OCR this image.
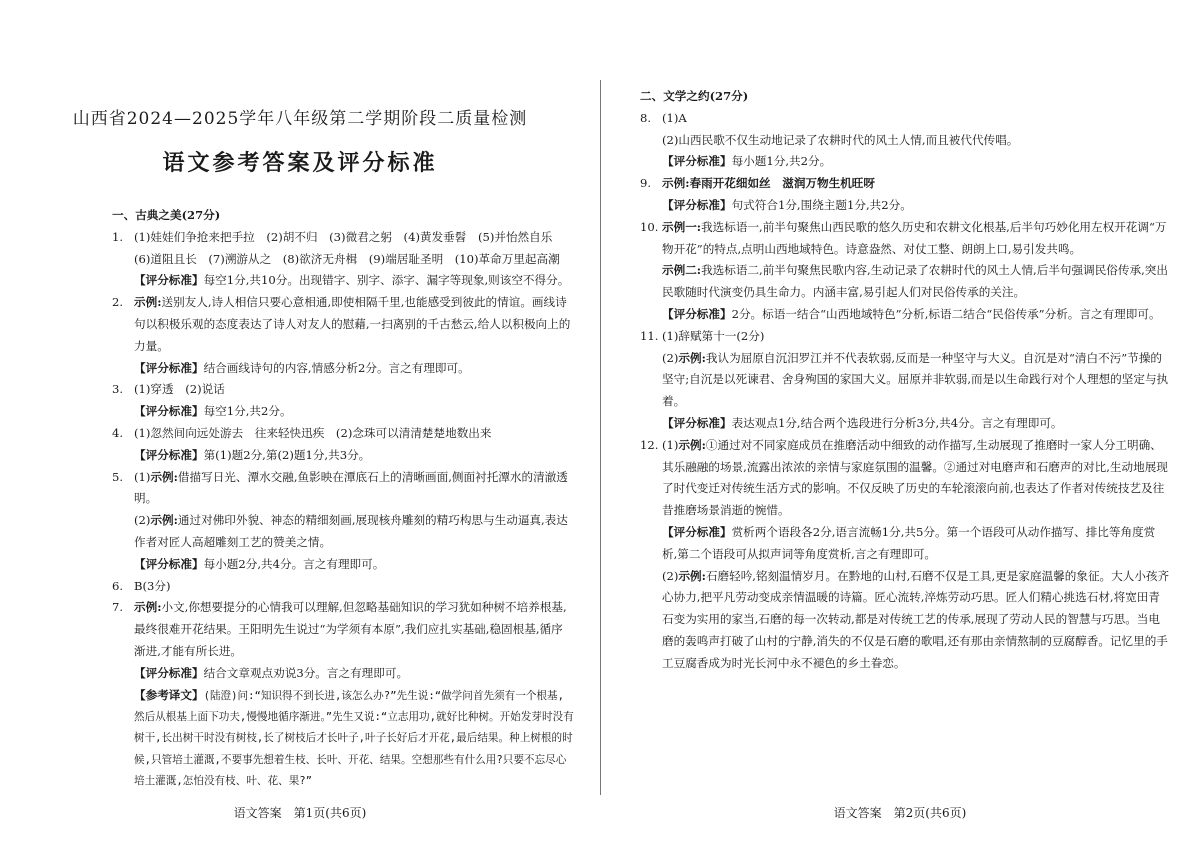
山西省2024—2025学年八年级第二学期阶段二质量检测
语文参考答案及评分标准
一、古典之美(27分)
1. (1)娃娃们争抢来把手拉　(2)胡不归　(3)微君之躬　(4)黄发垂髫　(5)并怡然自乐
(6)道阻且长　(7)溯游从之　(8)欲济无舟楫　(9)端居耻圣明　(10)革命万里起高潮
【评分标准】每空1分,共10分。出现错字、别字、添字、漏字等现象,则该空不得分。
2. 示例:送别友人,诗人相信只要心意相通,即使相隔千里,也能感受到彼此的情谊。画线诗句以积极乐观的态度表达了诗人对友人的慰藉,一扫离别的千古愁云,给人以积极向上的力量。
【评分标准】结合画线诗句的内容,情感分析2分。言之有理即可。
3. (1)穿透　(2)说话
【评分标准】每空1分,共2分。
4. (1)忽然间向远处游去　往来轻快迅疾　(2)念珠可以清清楚楚地数出来
【评分标准】第(1)题2分,第(2)题1分,共3分。
5. (1)示例:借描写日光、潭水交融,鱼影映在潭底石上的清晰画面,侧面衬托潭水的清澈透明。
(2)示例:通过对佛印外貌、神态的精细刻画,展现核舟雕刻的精巧构思与生动逼真,表达作者对匠人高超雕刻工艺的赞美之情。
【评分标准】每小题2分,共4分。言之有理即可。
6. B(3分)
7. 示例:小文,你想要提分的心情我可以理解,但忽略基础知识的学习犹如种树不培养根基,最终很难开花结果。王阳明先生说过“为学须有本原”,我们应扎实基础,稳固根基,循序渐进,才能有所长进。
【评分标准】结合文章观点劝说3分。言之有理即可。
【参考译文】(陆澄)问:“知识得不到长进,该怎么办?”先生说:“做学问首先须有一个根基,然后从根基上面下功夫,慢慢地循序渐进。”先生又说:“立志用功,就好比种树。开始发芽时没有树干,长出树干时没有树枝,长了树枝后才长叶子,叶子长好后才开花,最后结果。种上树根的时候,只管培土灌溉,不要事先想着生枝、长叶、开花、结果。空想那些有什么用?只要不忘尽心培土灌溉,怎怕没有枝、叶、花、果?”
语文答案　第1页(共6页)
二、文学之约(27分)
8. (1)A
(2)山西民歌不仅生动地记录了农耕时代的风土人情,而且被代代传唱。
【评分标准】每小题1分,共2分。
9. 示例:春雨开花细如丝　滋润万物生机旺呀
【评分标准】句式符合1分,围绕主题1分,共2分。
10. 示例一:我选标语一,前半句聚焦山西民歌的悠久历史和农耕文化根基,后半句巧妙化用左权开花调“万物开花”的特点,点明山西地域特色。诗意盎然、对仗工整、朗朗上口,易引发共鸣。
示例二:我选标语二,前半句聚焦民歌内容,生动记录了农耕时代的风土人情,后半句强调民俗传承,突出民歌随时代演变仍具生命力。内涵丰富,易引起人们对民俗传承的关注。
【评分标准】2分。标语一结合“山西地域特色”分析,标语二结合“民俗传承”分析。言之有理即可。
11. (1)辞赋第十一(2分)
(2)示例:我认为屈原自沉汨罗江并不代表软弱,反而是一种坚守与大义。自沉是对“清白不污”节操的坚守;自沉是以死谏君、舍身殉国的家国大义。屈原并非软弱,而是以生命践行对个人理想的坚定与执着。
【评分标准】表达观点1分,结合两个选段进行分析3分,共4分。言之有理即可。
12. (1)示例:①通过对不同家庭成员在推磨活动中细致的动作描写,生动展现了推磨时一家人分工明确、其乐融融的场景,流露出浓浓的亲情与家庭氛围的温馨。②通过对电磨声和石磨声的对比,生动地展现了时代变迁对传统生活方式的影响。不仅反映了历史的车轮滚滚向前,也表达了作者对传统技艺及往昔推磨场景消逝的惋惜。
【评分标准】赏析两个语段各2分,语言流畅1分,共5分。第一个语段可从动作描写、排比等角度赏析,第二个语段可从拟声词等角度赏析,言之有理即可。
(2)示例:石磨轻吟,铭刻温情岁月。在黔地的山村,石磨不仅是工具,更是家庭温馨的象征。大人小孩齐心协力,把平凡劳动变成亲情温暖的诗篇。匠心流转,淬炼劳动巧思。匠人们精心挑选石材,将宽田青石变为实用的家当,石磨的每一次转动,都是对传统工艺的传承,展现了劳动人民的智慧与巧思。当电磨的轰鸣声打破了山村的宁静,消失的不仅是石磨的歌唱,还有那由亲情熬制的豆腐醇香。记忆里的手工豆腐香成为时光长河中永不褪色的乡土眷恋。
语文答案　第2页(共6页)
